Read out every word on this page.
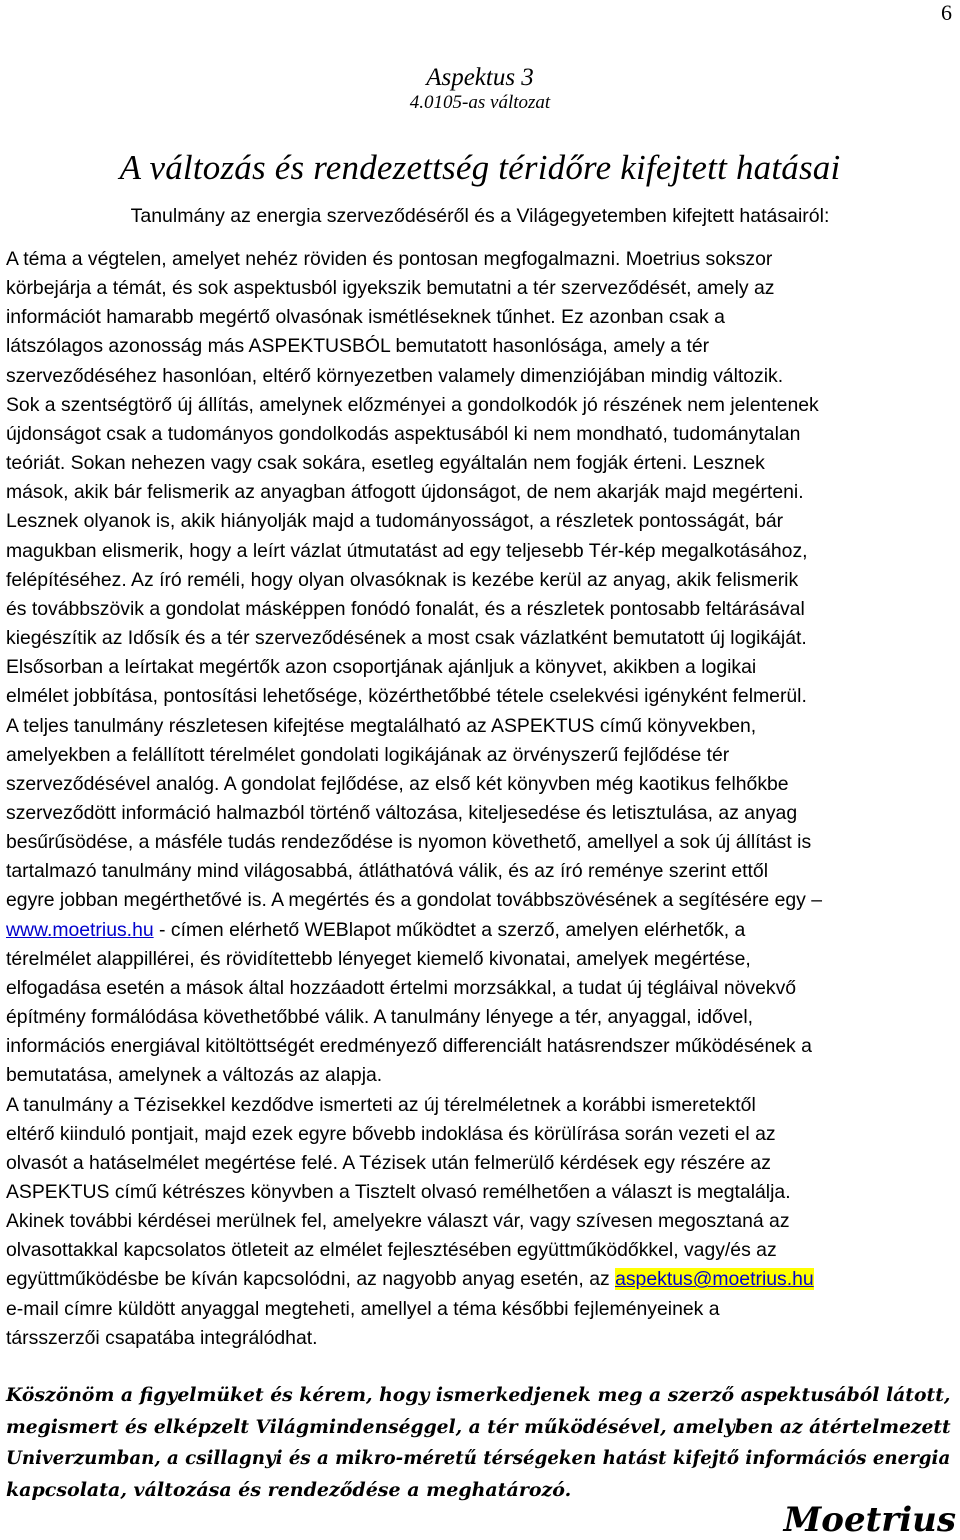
6
Aspektus 3
4.0105-as változat
A változás és rendezettség téridőre kifejtett hatásai
Tanulmány az energia szerveződéséről és a Világegyetemben kifejtett hatásairól:

A téma a végtelen, amelyet nehéz röviden és pontosan megfogalmazni. Moetrius sokszor
körbejárja a témát, és sok aspektusból igyekszik bemutatni a tér szerveződését, amely az
információt hamarabb megértő olvasónak ismétléseknek tűnhet. Ez azonban csak a
látszólagos azonosság más ASPEKTUSBÓL bemutatott hasonlósága, amely a tér
szerveződéséhez hasonlóan, eltérő környezetben valamely dimenziójában mindig változik.
Sok a szentségtörő új állítás, amelynek előzményei a gondolkodók jó részének nem jelentenek
újdonságot csak a tudományos gondolkodás aspektusából ki nem mondható, tudománytalan
teóriát. Sokan nehezen vagy csak sokára, esetleg egyáltalán nem fogják érteni. Lesznek
mások, akik bár felismerik az anyagban átfogott újdonságot, de nem akarják majd megérteni.
Lesznek olyanok is, akik hiányolják majd a tudományosságot, a részletek pontosságát, bár
magukban elismerik, hogy a leírt vázlat útmutatást ad egy teljesebb Tér-kép megalkotásához,
felépítéséhez. Az író reméli, hogy olyan olvasóknak is kezébe kerül az anyag, akik felismerik
és továbbszövik a gondolat másképpen fonódó fonalát, és a részletek pontosabb feltárásával
kiegészítik az Idősík és a tér szerveződésének a most csak vázlatként bemutatott új logikáját.
Elsősorban a leírtakat megértők azon csoportjának ajánljuk a könyvet, akikben a logikai
elmélet jobbítása, pontosítási lehetősége, közérthetőbbé tétele cselekvési igényként felmerül.
A teljes tanulmány részletesen kifejtése megtalálható az ASPEKTUS című könyvekben,
amelyekben a felállított térelmélet gondolati logikájának az örvényszerű fejlődése tér
szerveződésével analóg. A gondolat fejlődése, az első két könyvben még kaotikus felhőkbe
szerveződött információ halmazból történő változása, kiteljesedése és letisztulása, az anyag
besűrűsödése, a másféle tudás rendeződése is nyomon követhető, amellyel a sok új állítást is
tartalmazó tanulmány mind világosabbá, átláthatóvá válik, és az író reménye szerint ettől
egyre jobban megérthetővé is. A megértés és a gondolat továbbszövésének a segítésére egy –
www.moetrius.hu - címen elérhető WEBlapot működtet a szerző, amelyen elérhetők, a
térelmélet alappillérei, és rövidítettebb lényeget kiemelő kivonatai, amelyek megértése,
elfogadása esetén a mások által hozzáadott értelmi morzsákkal, a tudat új tégláival növekvő
építmény formálódása követhetőbbé válik. A tanulmány lényege a tér, anyaggal, idővel,
információs energiával kitöltöttségét eredményező differenciált hatásrendszer működésének a
bemutatása, amelynek a változás az alapja.
A tanulmány a Tézisekkel kezdődve ismerteti az új térelméletnek a korábbi ismeretektől
eltérő kiinduló pontjait, majd ezek egyre bővebb indoklása és körülírása során vezeti el az
olvasót a hatáselmélet megértése felé. A Tézisek után felmerülő kérdések egy részére az
ASPEKTUS című kétrészes könyvben a Tisztelt olvasó remélhetően a választ is megtalálja.
Akinek további kérdései merülnek fel, amelyekre választ vár, vagy szívesen megosztaná az
olvasottakkal kapcsolatos ötleteit az elmélet fejlesztésében együttműködőkkel, vagy/és az
együttműködésbe be kíván kapcsolódni, az nagyobb anyag esetén, az aspektus@moetrius.hu
e-mail címre küldött anyaggal megteheti, amellyel a téma későbbi fejleményeinek a
társszerzői csapatába integrálódhat.

Köszönöm a figyelmüket és kérem, hogy ismerkedjenek meg a szerző aspektusából látott,
megismert és elképzelt Világmindenséggel, a tér működésével, amelyben az átértelmezett
Univerzumban, a csillagnyi és a mikro-méretű térségeken hatást kifejtő információs energia
kapcsolata, változása és rendeződése a meghatározó.
Moetrius
